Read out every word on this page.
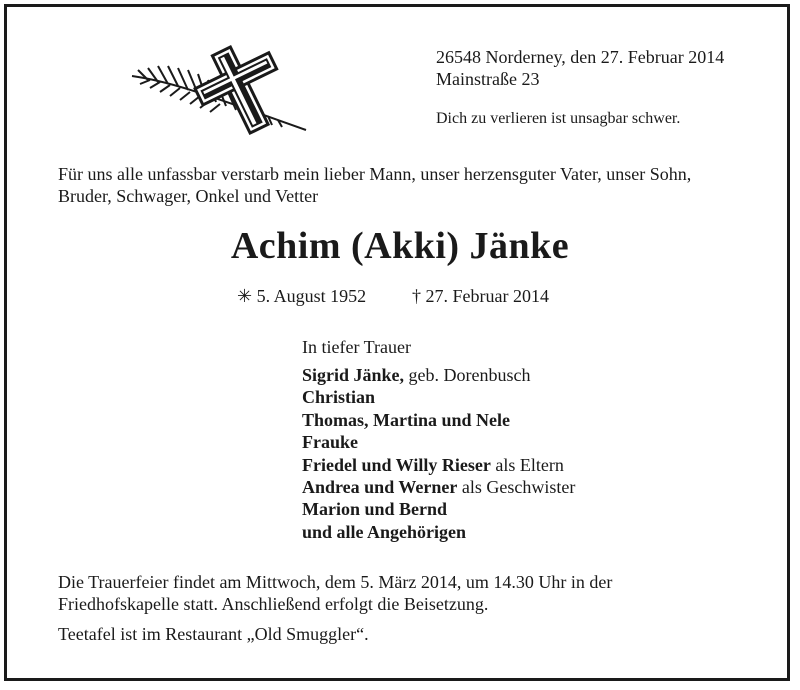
26548 Norderney, den 27. Februar 2014
Mainstraße 23
Dich zu verlieren ist unsagbar schwer.
Für uns alle unfassbar verstarb mein lieber Mann, unser herzensguter Vater, unser Sohn,
Bruder, Schwager, Onkel und Vetter
Achim (Akki) Jänke
✳ 5. August 1952	† 27. Februar 2014
In tiefer Trauer
Sigrid Jänke, geb. Dorenbusch
Christian
Thomas, Martina und Nele
Frauke
Friedel und Willy Rieser als Eltern
Andrea und Werner als Geschwister
Marion und Bernd
und alle Angehörigen
Die Trauerfeier findet am Mittwoch, dem 5. März 2014, um 14.30 Uhr in der
Friedhofskapelle statt. Anschließend erfolgt die Beisetzung.
Teetafel ist im Restaurant „Old Smuggler“.
